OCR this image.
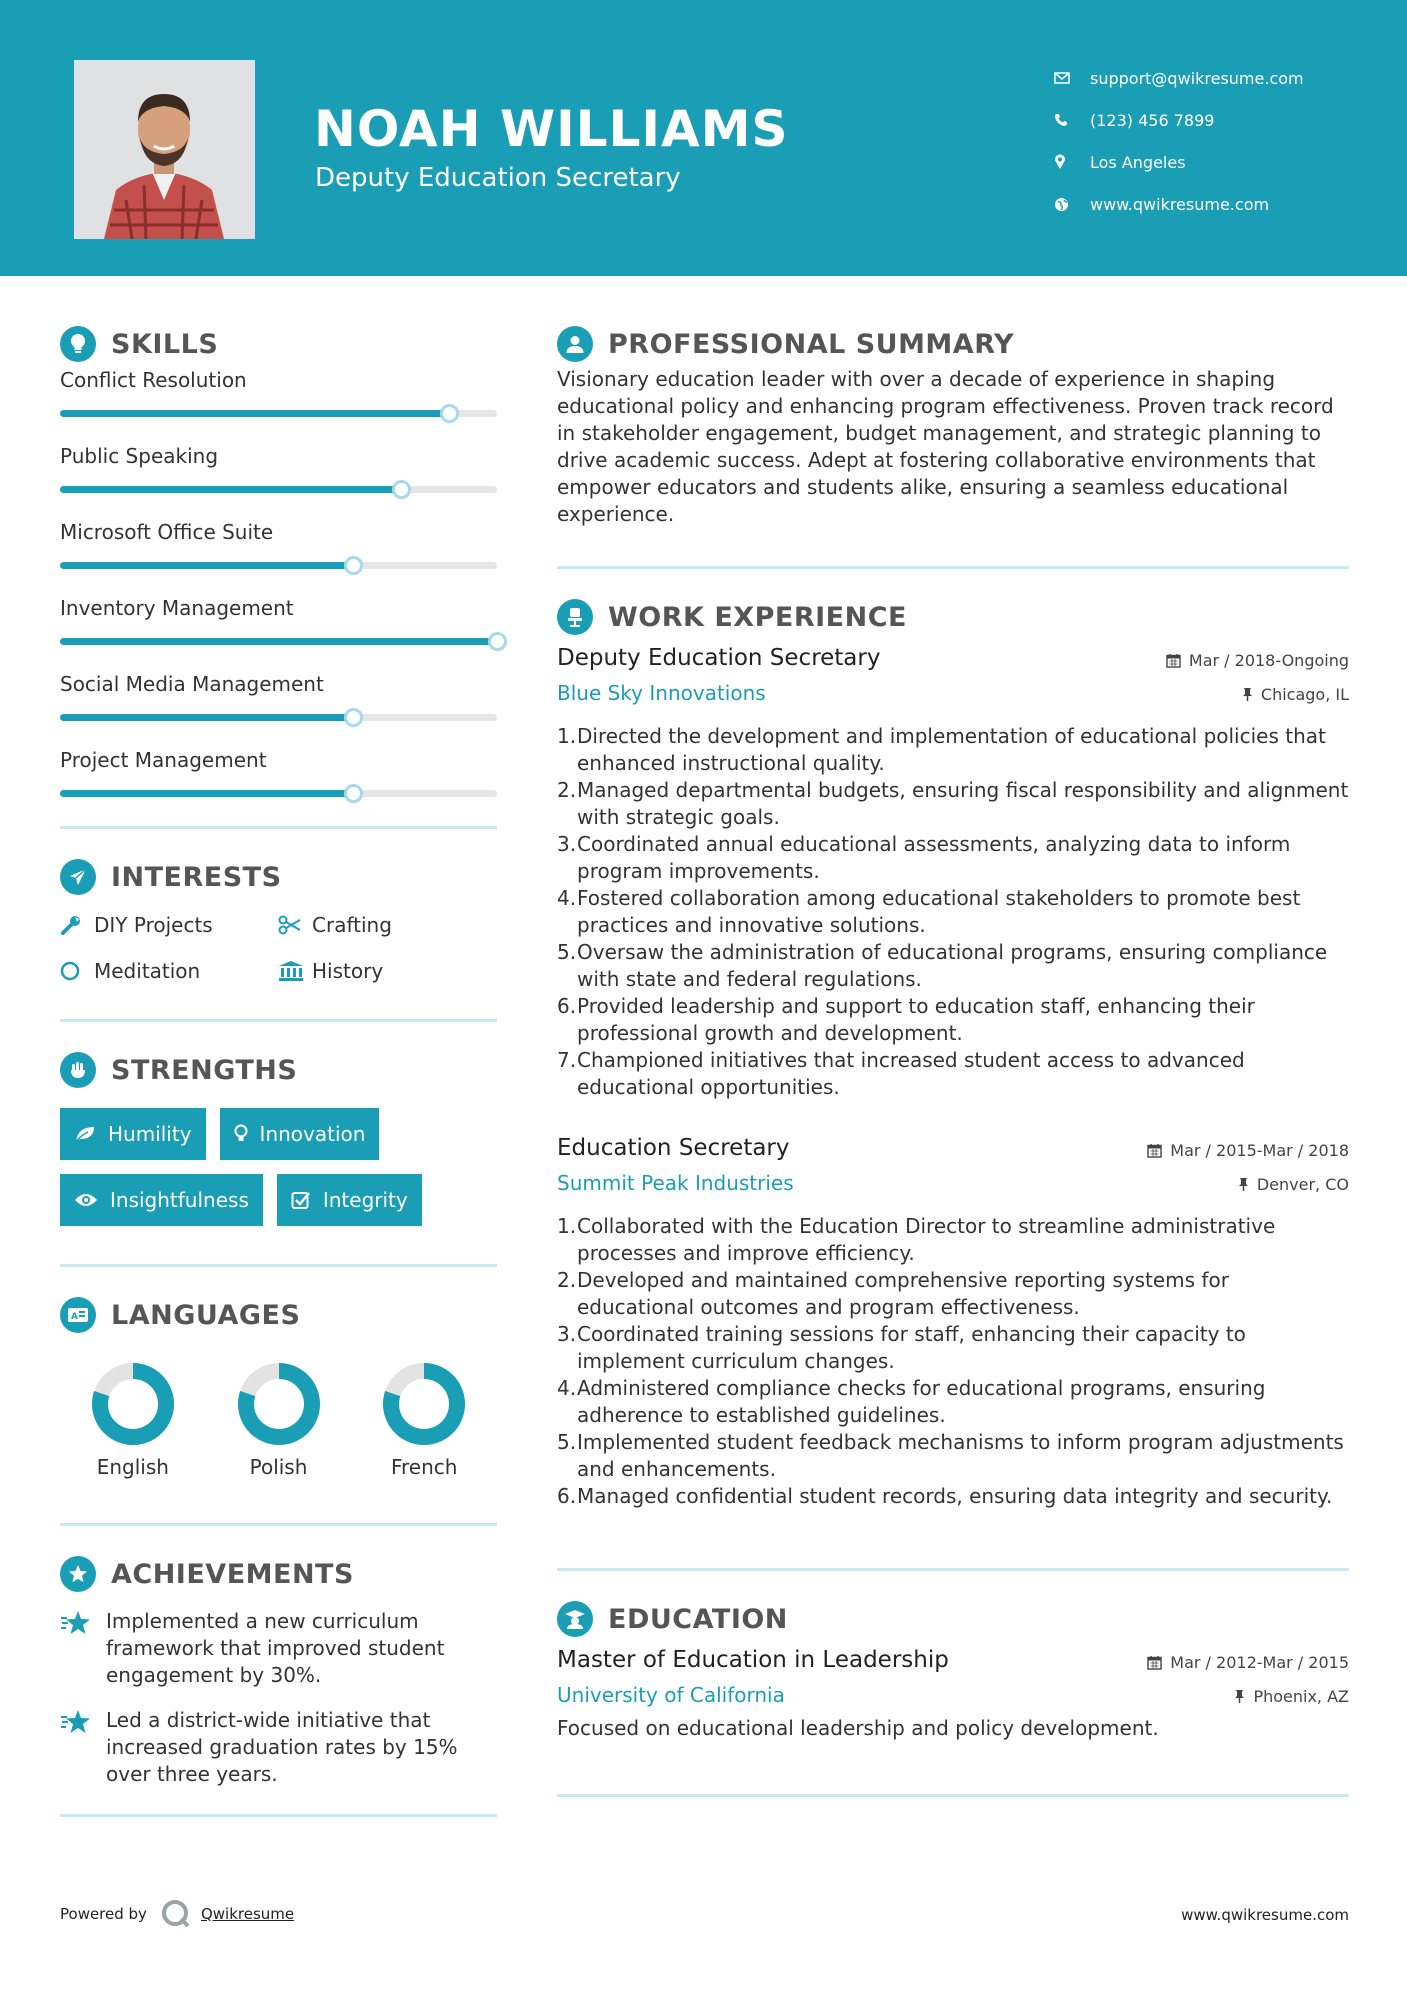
NOAH WILLIAMS
Deputy Education Secretary
support@qwikresume.com
(123) 456 7899
Los Angeles
www.qwikresume.com
SKILLS
Conflict Resolution
Public Speaking
Microsoft Office Suite
Inventory Management
Social Media Management
Project Management
INTERESTS
DIY Projects	Crafting
Meditation	History
STRENGTHS
Humility	Innovation
Insightfulness	Integrity
A LANGUAGES
English	Polish	French
ACHIEVEMENTS
Implemented a new curriculum framework that improved student engagement by 30%.
Led a district-wide initiative that increased graduation rates by 15% over three years.
PROFESSIONAL SUMMARY

Visionary education leader with over a decade of experience in shaping educational policy and enhancing program effectiveness. Proven track record in stakeholder engagement, budget management, and strategic planning to drive academic success. Adept at fostering collaborative environments that empower educators and students alike, ensuring a seamless educational experience.

WORK EXPERIENCE
Deputy Education Secretary	Mar / 2018-Ongoing
Blue Sky Innovations	Chicago, IL
1. Directed the development and implementation of educational policies that enhanced instructional quality.
2. Managed departmental budgets, ensuring fiscal responsibility and alignment with strategic goals.
3. Coordinated annual educational assessments, analyzing data to inform program improvements.
4. Fostered collaboration among educational stakeholders to promote best practices and innovative solutions.
5. Oversaw the administration of educational programs, ensuring compliance with state and federal regulations.
6. Provided leadership and support to education staff, enhancing their professional growth and development.
7. Championed initiatives that increased student access to advanced educational opportunities.
Education Secretary	Mar / 2015-Mar / 2018
Summit Peak Industries	Denver, CO
1. Collaborated with the Education Director to streamline administrative processes and improve efficiency.
2. Developed and maintained comprehensive reporting systems for educational outcomes and program effectiveness.
3. Coordinated training sessions for staff, enhancing their capacity to implement curriculum changes.
4. Administered compliance checks for educational programs, ensuring adherence to established guidelines.
5. Implemented student feedback mechanisms to inform program adjustments and enhancements.
6. Managed confidential student records, ensuring data integrity and security.
EDUCATION
Master of Education in Leadership	Mar / 2012-Mar / 2015
University of California	Phoenix, AZ

Focused on educational leadership and policy development.

Powered by	Qwikresume	www.qwikresume.com
